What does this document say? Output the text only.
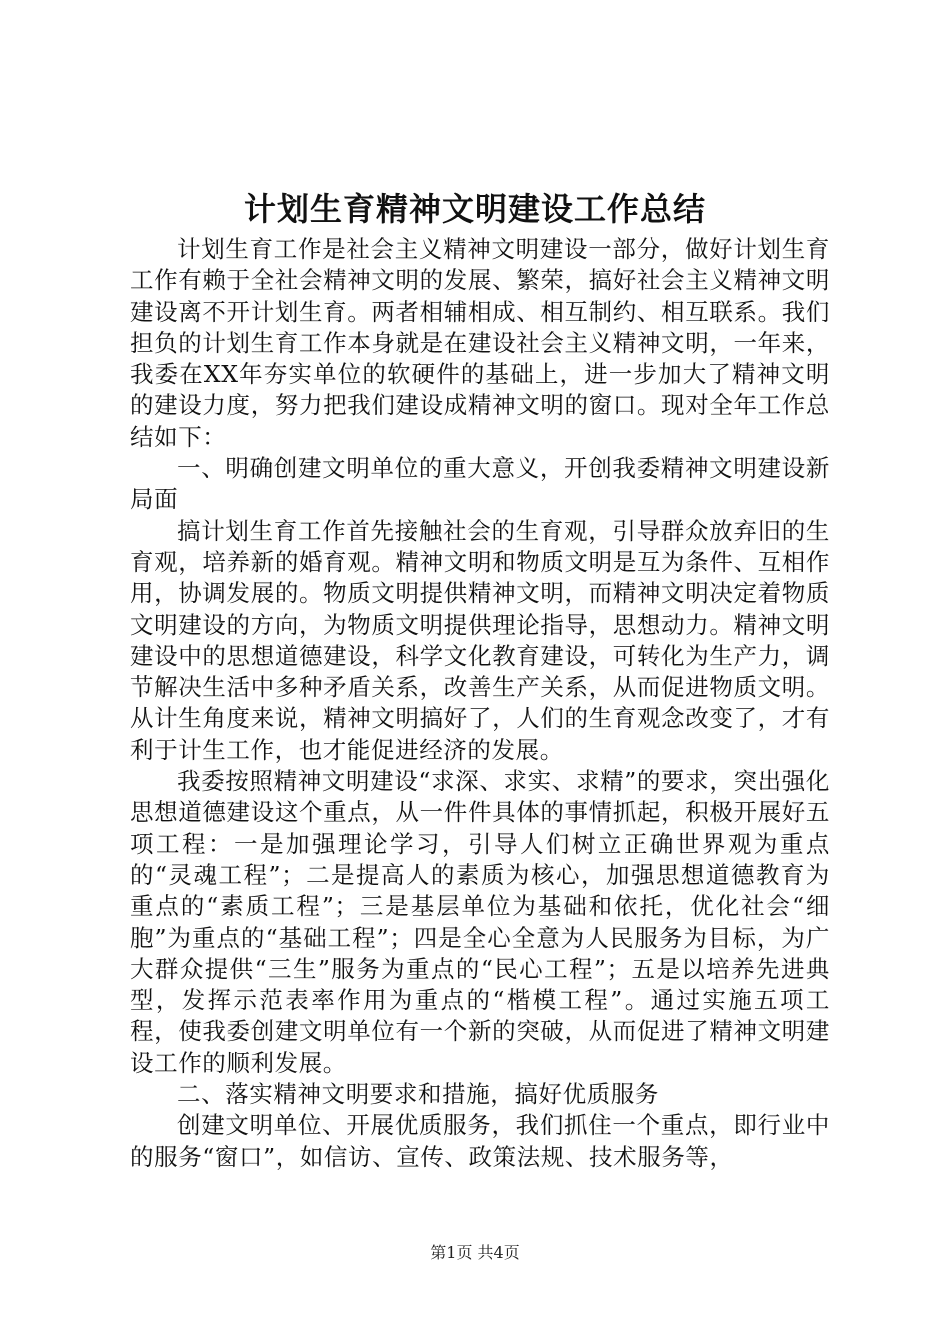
计划生育精神文明建设工作总结

计划生育工作是社会主义精神文明建设一部分，做好计划生育工作有赖于全社会精神文明的发展、繁荣，搞好社会主义精神文明建设离不开计划生育。两者相辅相成、相互制约、相互联系。我们担负的计划生育工作本身就是在建设社会主义精神文明，一年来，我委在XX年夯实单位的软硬件的基础上，进一步加大了精神文明的建设力度，努力把我们建设成精神文明的窗口。现对全年工作总结如下：

一、明确创建文明单位的重大意义，开创我委精神文明建设新局面

搞计划生育工作首先接触社会的生育观，引导群众放弃旧的生育观，培养新的婚育观。精神文明和物质文明是互为条件、互相作用，协调发展的。物质文明提供精神文明，而精神文明决定着物质文明建设的方向，为物质文明提供理论指导，思想动力。精神文明建设中的思想道德建设，科学文化教育建设，可转化为生产力，调节解决生活中多种矛盾关系，改善生产关系，从而促进物质文明。从计生角度来说，精神文明搞好了，人们的生育观念改变了，才有利于计生工作，也才能促进经济的发展。

我委按照精神文明建设“求深、求实、求精”的要求，突出强化思想道德建设这个重点，从一件件具体的事情抓起，积极开展好五项工程：一是加强理论学习，引导人们树立正确世界观为重点的“灵魂工程”；二是提高人的素质为核心，加强思想道德教育为重点的“素质工程”；三是基层单位为基础和依托，优化社会“细胞”为重点的“基础工程”；四是全心全意为人民服务为目标，为广大群众提供“三生”服务为重点的“民心工程”；五是以培养先进典型，发挥示范表率作用为重点的“楷模工程”。通过实施五项工程，使我委创建文明单位有一个新的突破，从而促进了精神文明建设工作的顺利发展。

二、落实精神文明要求和措施，搞好优质服务

创建文明单位、开展优质服务，我们抓住一个重点，即行业中的服务“窗口”，如信访、宣传、政策法规、技术服务等，

第1页 共4页
